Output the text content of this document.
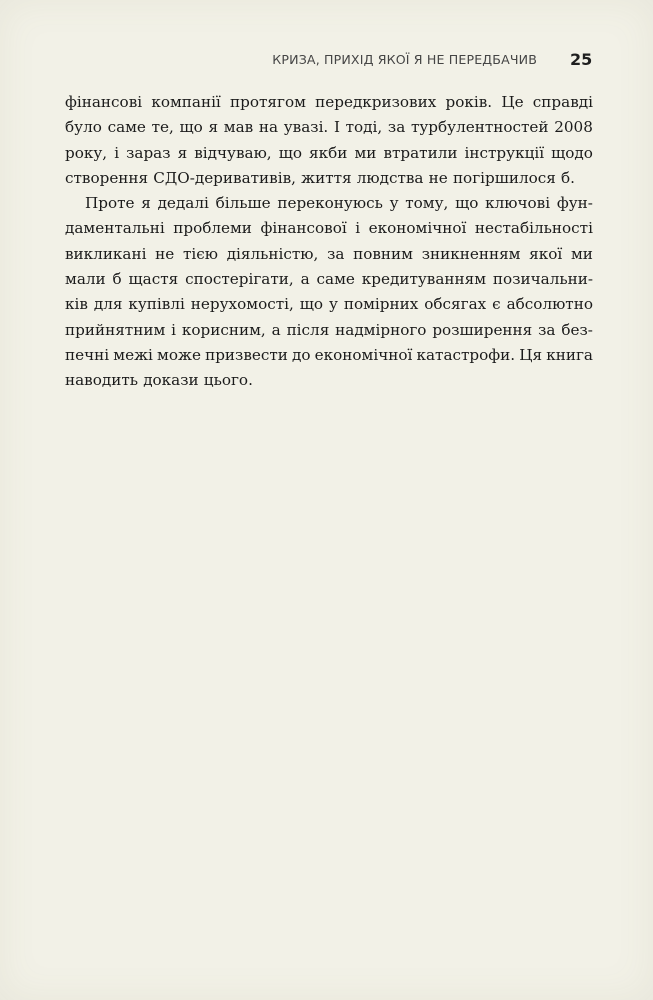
КРИЗА, ПРИХІД ЯКОЇ Я НЕ ПЕРЕДБАЧИВ 25
фінансові компанії протягом передкризових років. Це справді
було саме те, що я мав на увазі. І тоді, за турбулентностей 2008
року, і зараз я відчуваю, що якби ми втратили інструкції щодо
створення СДО-деривативів, життя людства не погіршилося б.
Проте я дедалі більше переконуюсь у тому, що ключові фун-
даментальні проблеми фінансової і економічної нестабільності
викликані не тією діяльністю, за повним зникненням якої ми
мали б щастя спостерігати, а саме кредитуванням позичальни-
ків для купівлі нерухомості, що у помірних обсягах є абсолютно
прийнятним і корисним, а після надмірного розширення за без-
печні межі може призвести до економічної катастрофи. Ця книга
наводить докази цього.
